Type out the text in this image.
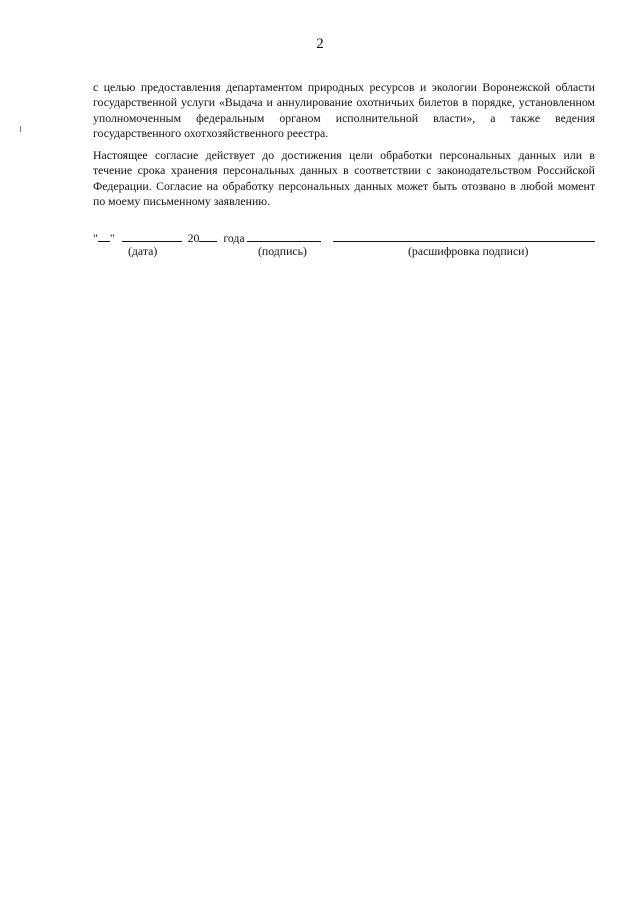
2

с целью предоставления департаментом природных ресурсов и экологии Воронежской области
государственной услуги «Выдача и аннулирование охотничьих билетов в порядке, установленном
уполномоченным федеральным органом исполнительной власти», а также ведения
государственного охотхозяйственного реестра.

Настоящее согласие действует до достижения цели обработки персональных данных или в
течение срока хранения персональных данных в соответствии с законодательством Российской
Федерации. Согласие на обработку персональных данных может быть отозвано в любой момент
по моему письменному заявлению.

" "	20 года
(дата)	(подпись)	(расшифровка подписи)
